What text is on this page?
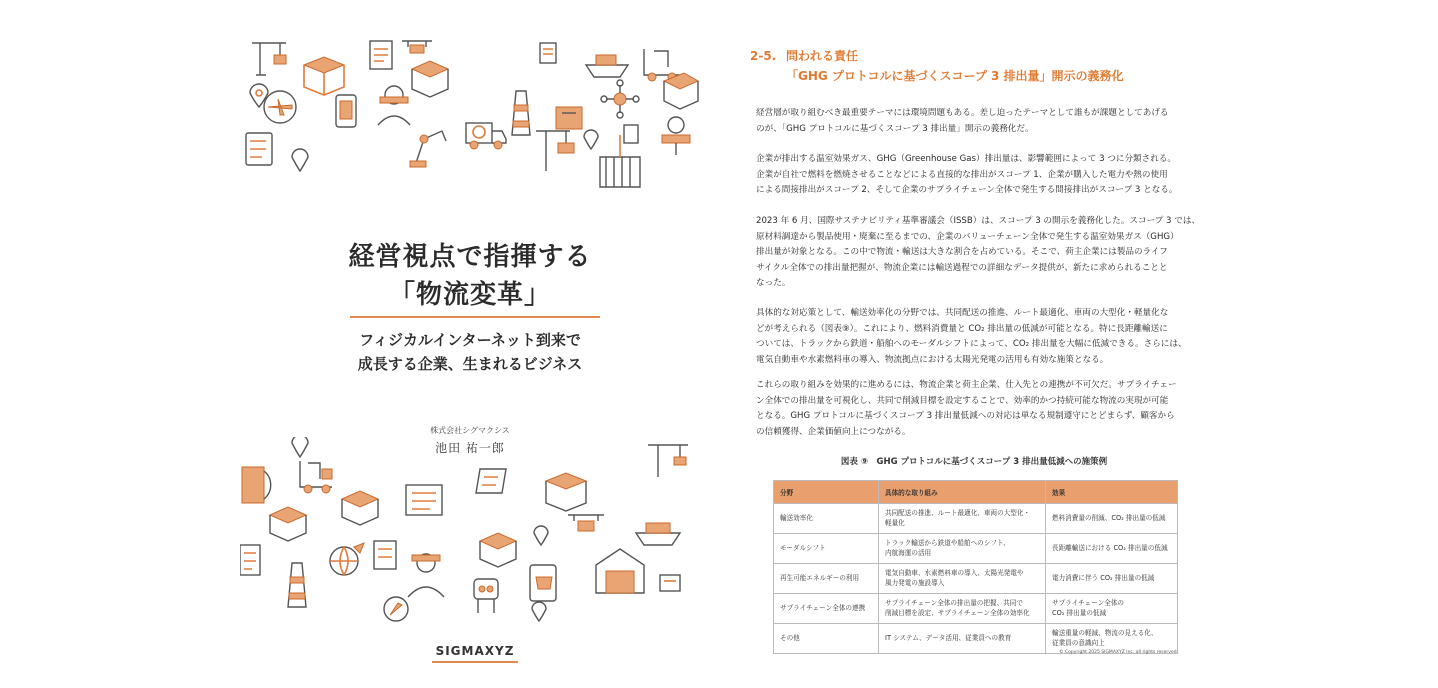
経営視点で指揮する
「物流変革」
フィジカルインターネット到来で
成長する企業、生まれるビジネス
株式会社シグマクシス
池田 祐一郎
SIGMAXYZ
2-5. 問われる責任
「GHG プロトコルに基づくスコープ 3 排出量」開示の義務化

経営層が取り組むべき最重要テーマには環境問題もある。差し迫ったテーマとして誰もが課題としてあげる
のが、「GHG プロトコルに基づくスコープ 3 排出量」開示の義務化だ。

企業が排出する温室効果ガス、GHG（Greenhouse Gas）排出量は、影響範囲によって 3 つに分類される。
企業が自社で燃料を燃焼させることなどによる直接的な排出がスコープ 1、企業が購入した電力や熱の使用
による間接排出がスコープ 2、そして企業のサプライチェーン全体で発生する間接排出がスコープ 3 となる。

2023 年 6 月、国際サステナビリティ基準審議会（ISSB）は、スコープ 3 の開示を義務化した。スコープ 3 では、
原材料調達から製品使用・廃棄に至るまでの、企業のバリューチェーン全体で発生する温室効果ガス（GHG）
排出量が対象となる。この中で物流・輸送は大きな割合を占めている。そこで、荷主企業には製品のライフ
サイクル全体での排出量把握が、物流企業には輸送過程での詳細なデータ提供が、新たに求められることと
なった。

具体的な対応策として、輸送効率化の分野では、共同配送の推進、ルート最適化、車両の大型化・軽量化な
どが考えられる（図表⑨）。これにより、燃料消費量と CO₂ 排出量の低減が可能となる。特に長距離輸送に
ついては、トラックから鉄道・船舶へのモーダルシフトによって、CO₂ 排出量を大幅に低減できる。さらには、
電気自動車や水素燃料車の導入、物流拠点における太陽光発電の活用も有効な施策となる。

これらの取り組みを効果的に進めるには、物流企業と荷主企業、仕入先との連携が不可欠だ。サプライチェー
ン全体での排出量を可視化し、共同で削減目標を設定することで、効率的かつ持続可能な物流の実現が可能
となる。GHG プロトコルに基づくスコープ 3 排出量低減への対応は単なる規制遵守にとどまらず、顧客から
の信頼獲得、企業価値向上につながる。

図表 ⑨　GHG プロトコルに基づくスコープ 3 排出量低減への施策例
分野	具体的な取り組み	効果
輸送効率化	共同配送の推進、ルート最適化、車両の大型化・
軽量化	燃料消費量の削減、CO₂ 排出量の低減
モーダルシフト	トラック輸送から鉄道や船舶へのシフト、
内航海運の活用	長距離輸送における CO₂ 排出量の低減
再生可能エネルギーの利用	電気自動車、水素燃料車の導入、太陽光発電や
風力発電の施設導入	電力消費に伴う CO₂ 排出量の低減
サプライチェーン全体の連携	サプライチェーン全体の排出量の把握、共同で
削減目標を設定、サプライチェーン全体の効率化	サプライチェーン全体の
CO₂ 排出量の低減
その他	IT システム、データ活用、従業員への教育	輸送重量の軽減、物流の見える化、
従業員の意識向上
© Copyright 2025 SIGMAXYZ Inc. all rights reserved.
